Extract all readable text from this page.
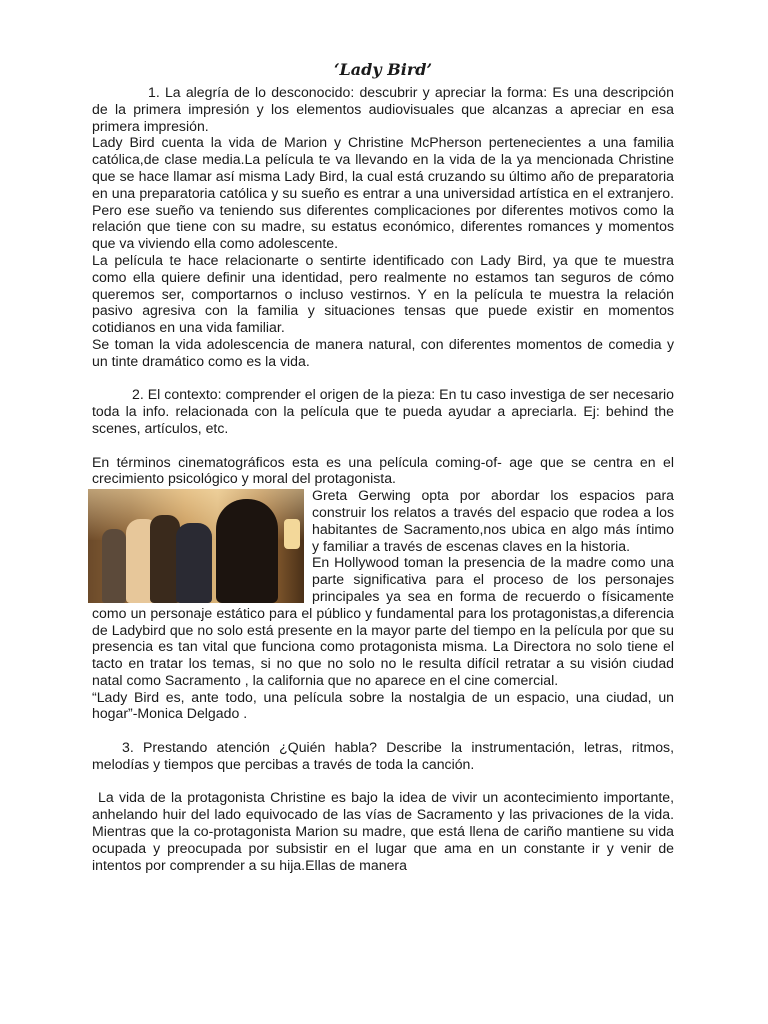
‘Lady Bird’

1. La alegría de lo desconocido: descubrir y apreciar la forma: Es una descripción de la primera impresión y los elementos audiovisuales que alcanzas a apreciar en esa primera impresión.

Lady Bird cuenta la vida de Marion y Christine McPherson pertenecientes a una familia católica,de clase media.La película te va llevando en la vida de la ya mencionada Christine que se hace llamar así misma Lady Bird, la cual está cruzando su último año de preparatoria en una preparatoria católica y su sueño es entrar a una universidad artística en el extranjero. Pero ese sueño va teniendo sus diferentes complicaciones por diferentes motivos como la relación que tiene con su madre, su estatus económico, diferentes romances y momentos que va viviendo ella como adolescente.

La película te hace relacionarte o sentirte identificado con Lady Bird, ya que te muestra como ella quiere definir una identidad, pero realmente no estamos tan seguros de cómo queremos ser, comportarnos o incluso vestirnos. Y en la película te muestra la relación pasivo agresiva con la familia y situaciones tensas que puede existir en momentos cotidianos en una vida familiar.

Se toman la vida adolescencia de manera natural, con diferentes momentos de comedia y un tinte dramático como es la vida.

2. El contexto: comprender el origen de la pieza: En tu caso investiga de ser necesario toda la info. relacionada con la película que te pueda ayudar a apreciarla. Ej: behind the scenes, artículos, etc.

En términos cinematográficos esta es una película coming-of- age que se centra en el crecimiento psicológico y moral del protagonista.

Greta Gerwing opta por abordar los espacios para construir los relatos a través del espacio que rodea a los habitantes de Sacramento,nos ubica en algo más íntimo y familiar a través de escenas claves en la historia.

En Hollywood toman la presencia de la madre como una parte significativa para el proceso de los personajes principales ya sea en forma de recuerdo o físicamente como un personaje estático para el público y fundamental para los protagonistas,a diferencia de Ladybird que no solo está presente en la mayor parte del tiempo en la película por que su presencia es tan vital que funciona como protagonista misma. La Directora no solo tiene el tacto en tratar los temas, si no que no solo no le resulta difícil retratar a su visión ciudad natal como Sacramento , la california que no aparece en el cine comercial.

“Lady Bird es, ante todo, una película sobre la nostalgia de un espacio, una ciudad, un hogar”-Monica Delgado .

3. Prestando atención ¿Quién habla? Describe la instrumentación, letras, ritmos, melodías y tiempos que percibas a través de toda la canción.

La vida de la protagonista Christine es bajo la idea de vivir un acontecimiento importante, anhelando huir del lado equivocado de las vías de Sacramento y las privaciones de la vida. Mientras que la co-protagonista Marion su madre, que está llena de cariño mantiene su vida ocupada y preocupada por subsistir en el lugar que ama en un constante ir y venir de intentos por comprender a su hija.Ellas de manera
